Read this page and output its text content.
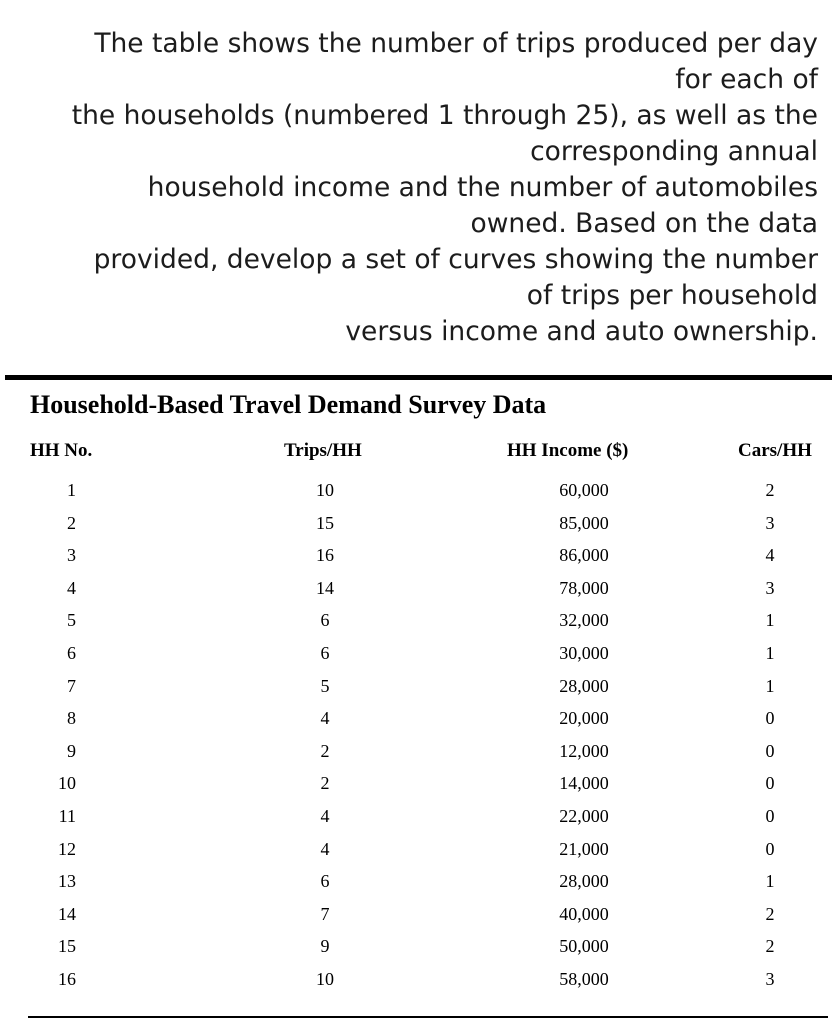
The table shows the number of trips produced per day
for each of
the households (numbered 1 through 25), as well as the
corresponding annual
household income and the number of automobiles
owned. Based on the data
provided, develop a set of curves showing the number
of trips per household
versus income and auto ownership.
Household-Based Travel Demand Survey Data
HH No.	Trips/HH	HH Income ($)	Cars/HH
1	10	60,000	2
2	15	85,000	3
3	16	86,000	4
4	14	78,000	3
5	6	32,000	1
6	6	30,000	1
7	5	28,000	1
8	4	20,000	0
9	2	12,000	0
10	2	14,000	0
11	4	22,000	0
12	4	21,000	0
13	6	28,000	1
14	7	40,000	2
15	9	50,000	2
16	10	58,000	3
